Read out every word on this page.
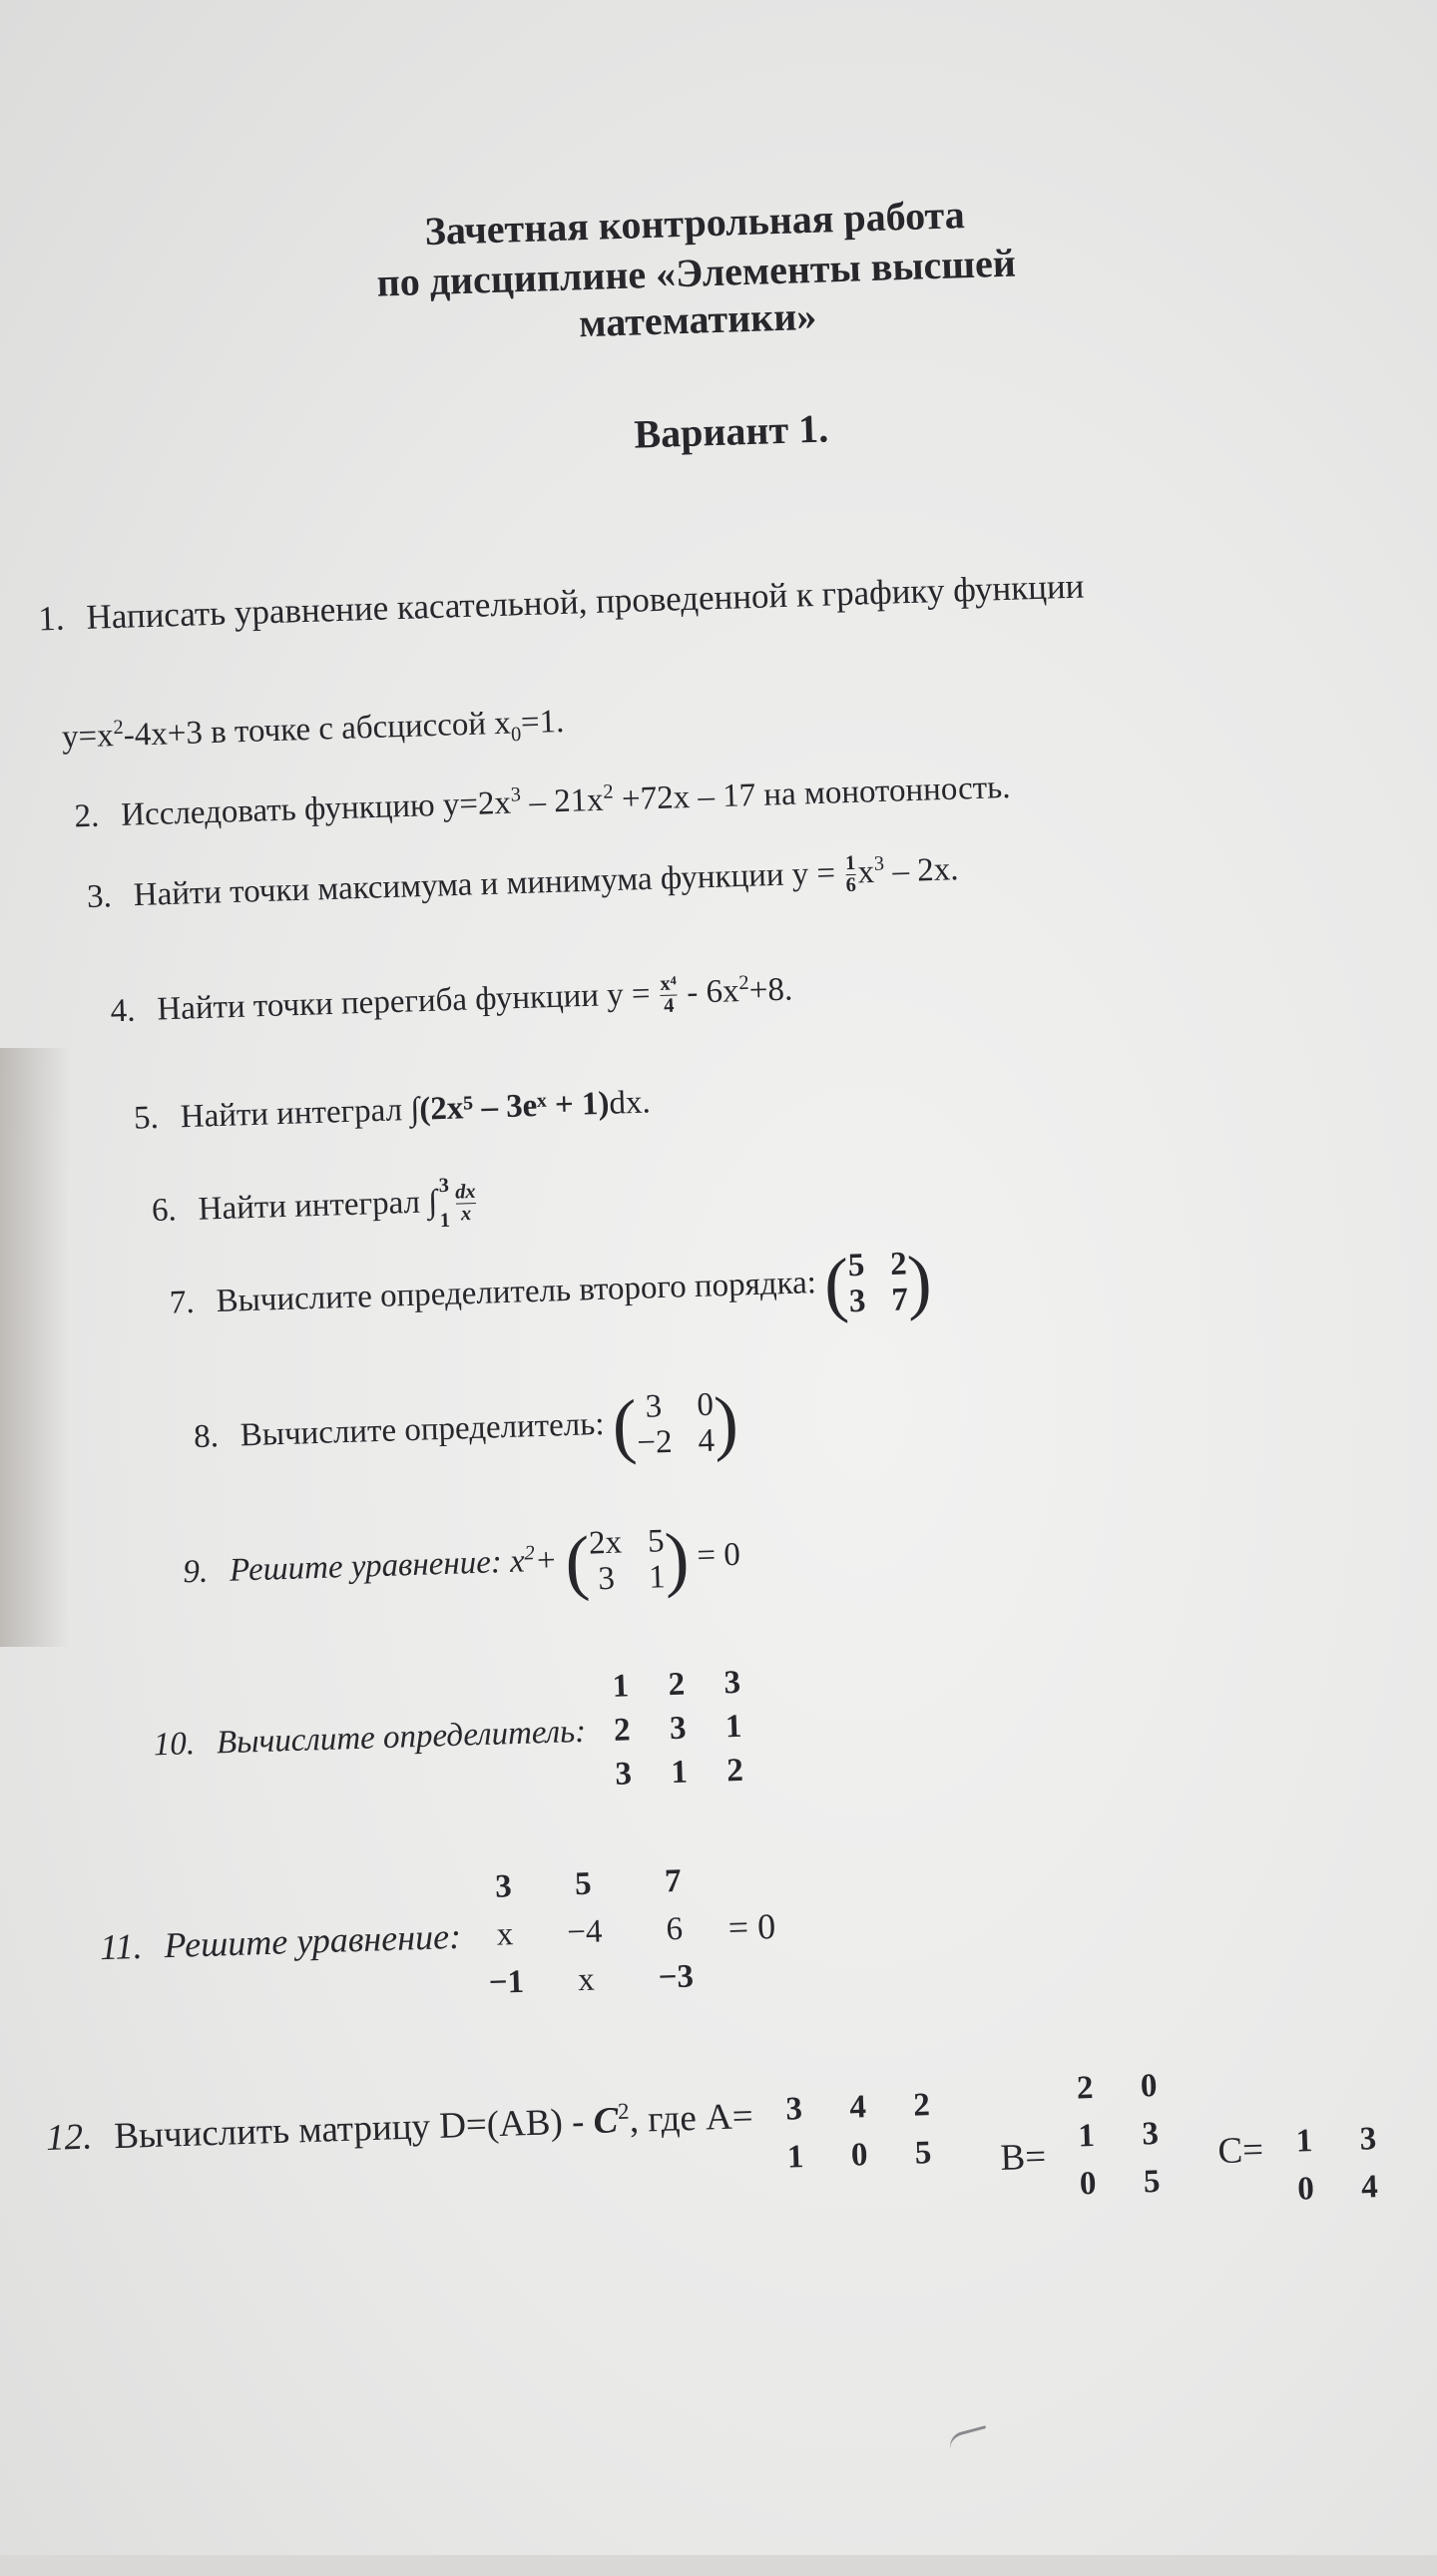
Зачетная контрольная работа
по дисциплине «Элементы высшей математики»
Вариант 1.
1. Написать уравнение касательной, проведенной к графику функции
$y=x^2-4x+3$ в точке с абсциссой $x_0=1$.
2. Исследовать функцию $y=2x^3 - 21x^2 +72x - 17$ на монотонность.
3. Найти точки максимума и минимума функции $y = \frac{1}{6} x^3 - 2x$.
4. Найти точки перегиба функции $y = \frac{\text{x⁴}}{4} - 6x^2+8$.
5. Найти интеграл ∫(2x⁵ – 3eˣ + 1)dx.
6. Найти интеграл ∫ 3
$1 \frac{dx}{x}$
7. Вычислите определитель второго порядка: (
5 2
3 7
)
8. Вычислите определитель: ( 3 0
−2 4
)
9. Решите уравнение: $x^2+$ (
2x 5
3 1
) = 0
10. Вычислите определитель:
1	2	3
2	3	1
3	1	2
11. Решите уравнение:
3	5	7
x	−4	6
−1	x	−3
= 0
12. Вычислить матрицу $D=(AB) - C^2$, где A= 3	4	2
1	0	5	B=
2	0
1	3
0	5
C= 1	3
0	4
